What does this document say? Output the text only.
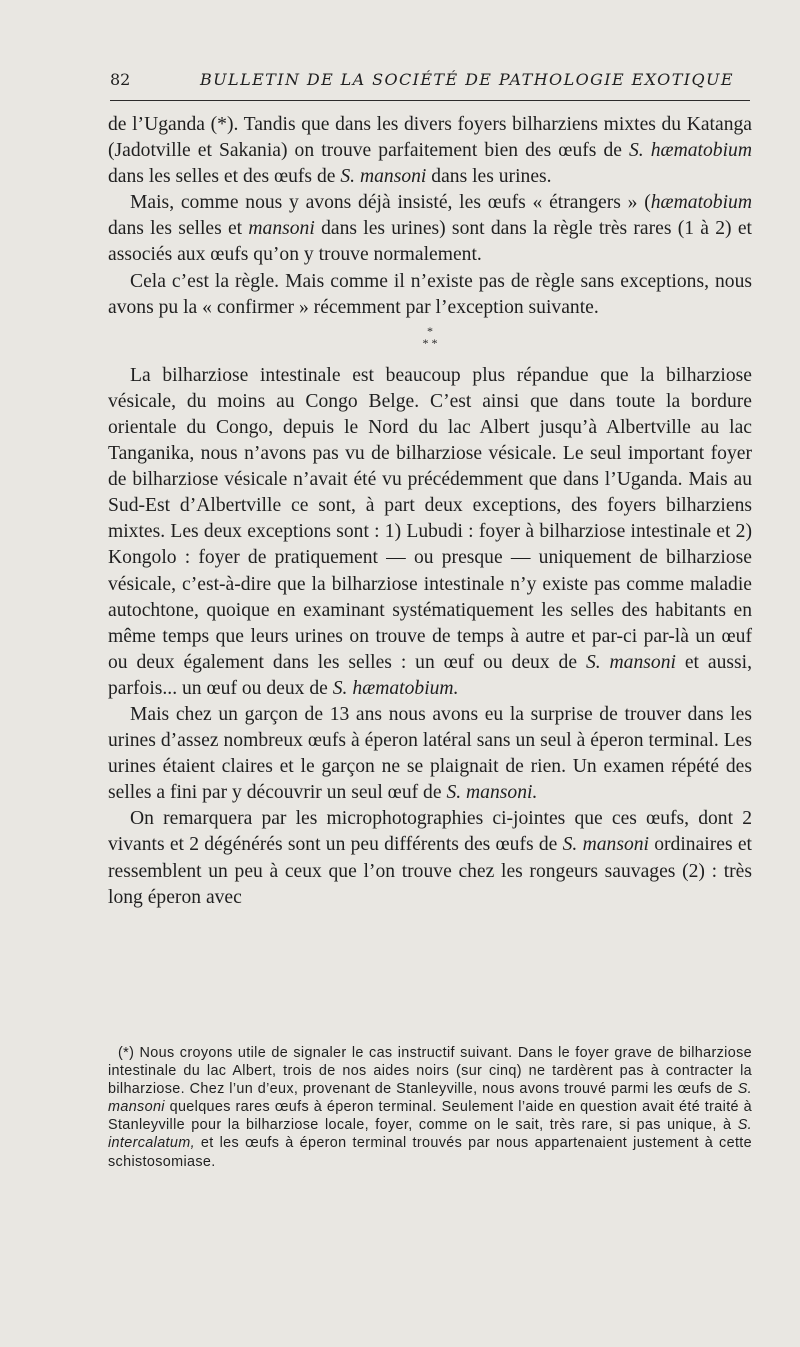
82	BULLETIN DE LA SOCIÉTÉ DE PATHOLOGIE EXOTIQUE

de l’Uganda (*). Tandis que dans les divers foyers bilharziens mixtes du Katanga (Jadotville et Sakania) on trouve parfaitement bien des œufs de S. hæmatobium dans les selles et des œufs de S. mansoni dans les urines.

Mais, comme nous y avons déjà insisté, les œufs « étrangers » (hæmatobium dans les selles et mansoni dans les urines) sont dans la règle très rares (1 à 2) et associés aux œufs qu’on y trouve normalement.

Cela c’est la règle. Mais comme il n’existe pas de règle sans exceptions, nous avons pu la « confirmer » récemment par l’exception suivante.

*
* *

La bilharziose intestinale est beaucoup plus répandue que la bilharziose vésicale, du moins au Congo Belge. C’est ainsi que dans toute la bordure orientale du Congo, depuis le Nord du lac Albert jusqu’à Albertville au lac Tanganika, nous n’avons pas vu de bilharziose vésicale. Le seul important foyer de bilharziose vésicale n’avait été vu précédemment que dans l’Uganda. Mais au Sud-Est d’Albertville ce sont, à part deux exceptions, des foyers bilharziens mixtes. Les deux exceptions sont : 1) Lubudi : foyer à bilharziose intestinale et 2) Kongolo : foyer de pratiquement — ou presque — uniquement de bilharziose vésicale, c’est-à-dire que la bilharziose intestinale n’y existe pas comme maladie autochtone, quoique en examinant systématiquement les selles des habitants en même temps que leurs urines on trouve de temps à autre et par-ci par-là un œuf ou deux également dans les selles : un œuf ou deux de S. mansoni et aussi, parfois... un œuf ou deux de S. hæmatobium.

Mais chez un garçon de 13 ans nous avons eu la surprise de trouver dans les urines d’assez nombreux œufs à éperon latéral sans un seul à éperon terminal. Les urines étaient claires et le garçon ne se plaignait de rien. Un examen répété des selles a fini par y découvrir un seul œuf de S. mansoni.

On remarquera par les microphotographies ci-jointes que ces œufs, dont 2 vivants et 2 dégénérés sont un peu différents des œufs de S. mansoni ordinaires et ressemblent un peu à ceux que l’on trouve chez les rongeurs sauvages (2) : très long éperon avec

(*) Nous croyons utile de signaler le cas instructif suivant. Dans le foyer grave de bilharziose intestinale du lac Albert, trois de nos aides noirs (sur cinq) ne tardèrent pas à contracter la bilharziose. Chez l’un d’eux, provenant de Stanleyville, nous avons trouvé parmi les œufs de S. mansoni quelques rares œufs à éperon terminal. Seulement l’aide en question avait été traité à Stanleyville pour la bilharziose locale, foyer, comme on le sait, très rare, si pas unique, à S. intercalatum, et les œufs à éperon terminal trouvés par nous appartenaient justement à cette schistosomiase.
